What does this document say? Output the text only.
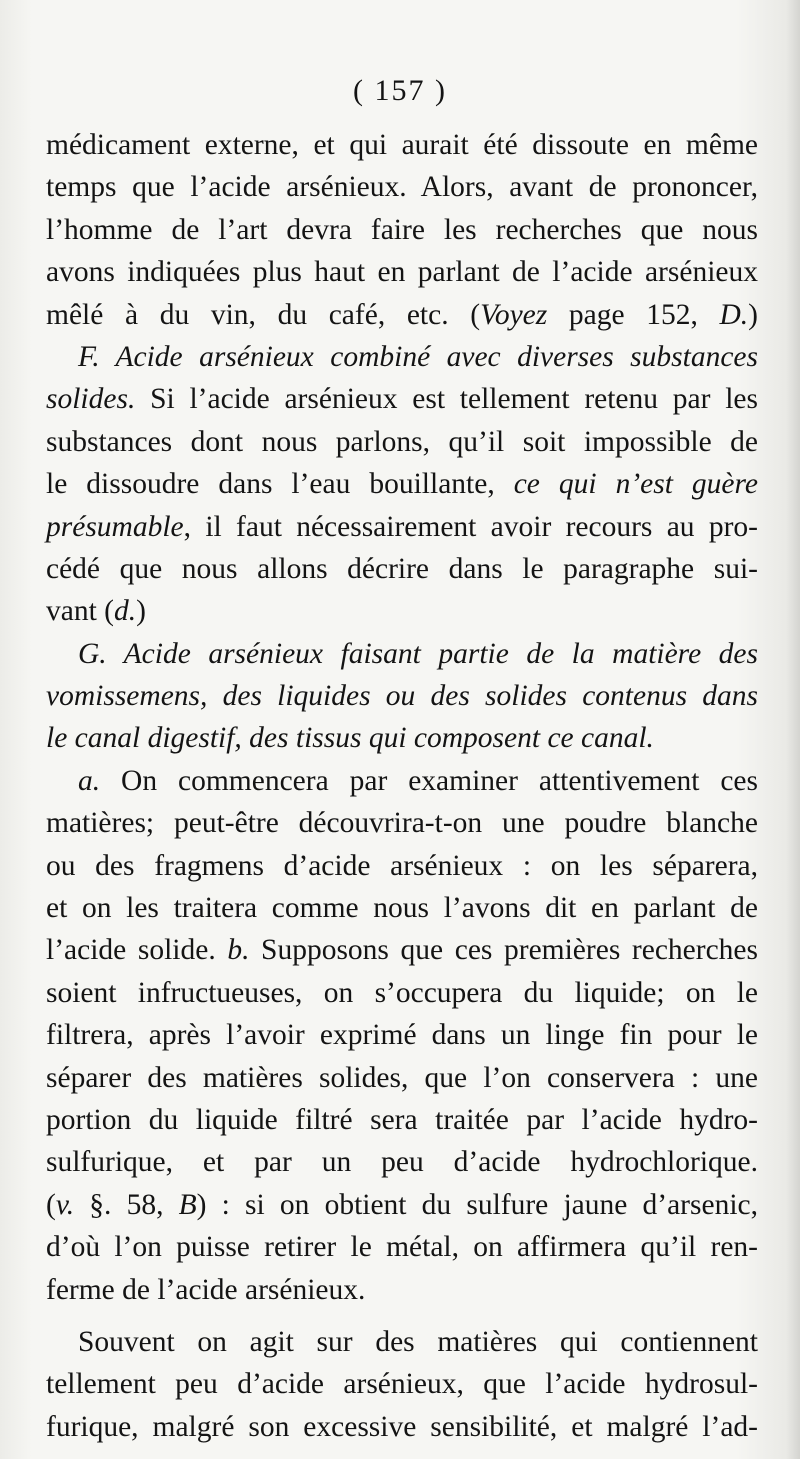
( 157 )
médicament externe, et qui aurait été dissoute en même
temps que l’acide arsénieux. Alors, avant de prononcer,
l’homme de l’art devra faire les recherches que nous
avons indiquées plus haut en parlant de l’acide arsénieux
mêlé à du vin, du café, etc. (Voyez page 152, D.)
F. Acide arsénieux combiné avec diverses substances
solides. Si l’acide arsénieux est tellement retenu par les
substances dont nous parlons, qu’il soit impossible de
le dissoudre dans l’eau bouillante, ce qui n’est guère
présumable, il faut nécessairement avoir recours au pro-
cédé que nous allons décrire dans le paragraphe sui-
vant (d.)
G. Acide arsénieux faisant partie de la matière des
vomissemens, des liquides ou des solides contenus dans
le canal digestif, des tissus qui composent ce canal.
a. On commencera par examiner attentivement ces
matières; peut-être découvrira-t-on une poudre blanche
ou des fragmens d’acide arsénieux : on les séparera,
et on les traitera comme nous l’avons dit en parlant de
l’acide solide. b. Supposons que ces premières recherches
soient infructueuses, on s’occupera du liquide; on le
filtrera, après l’avoir exprimé dans un linge fin pour le
séparer des matières solides, que l’on conservera : une
portion du liquide filtré sera traitée par l’acide hydro-
sulfurique, et par un peu d’acide hydrochlorique.
(v. §. 58, B) : si on obtient du sulfure jaune d’arsenic,
d’où l’on puisse retirer le métal, on affirmera qu’il ren-
ferme de l’acide arsénieux.
Souvent on agit sur des matières qui contiennent
tellement peu d’acide arsénieux, que l’acide hydrosul-
furique, malgré son excessive sensibilité, et malgré l’ad-
